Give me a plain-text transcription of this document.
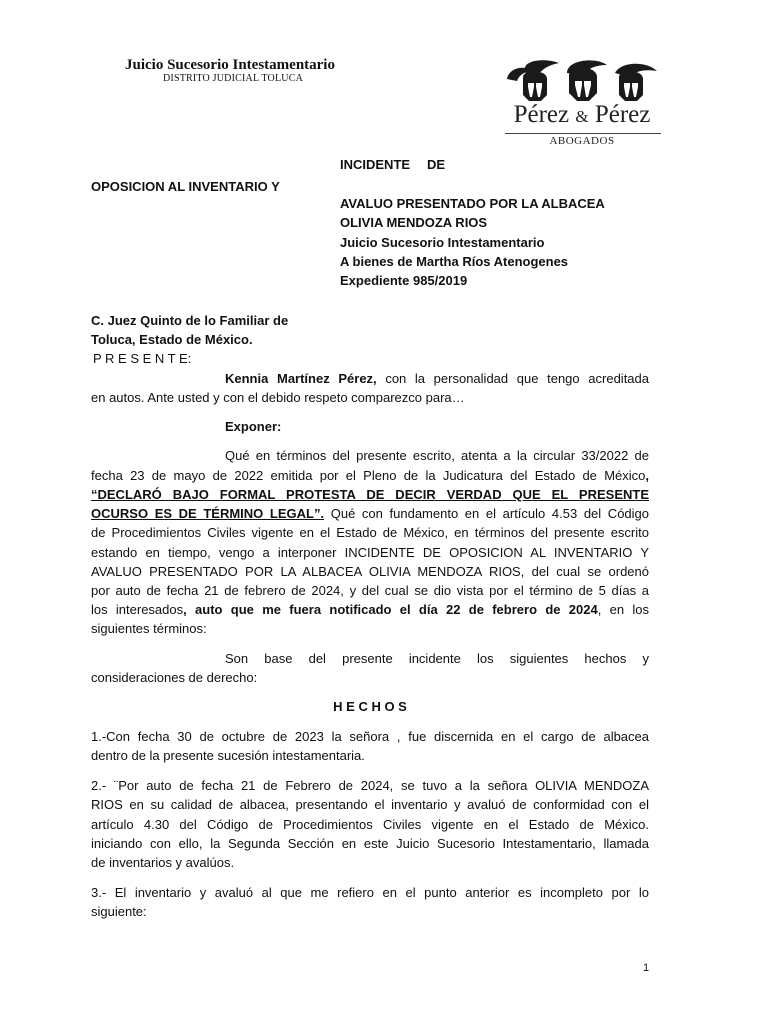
Juicio Sucesorio Intestamentario
DISTRITO JUDICIAL TOLUCA
Pérez & Pérez
ABOGADOS
INCIDENTE DE
OPOSICION AL INVENTARIO Y
AVALUO PRESENTADO POR LA ALBACEA
OLIVIA MENDOZA RIOS
Juicio Sucesorio Intestamentario
A bienes de Martha Ríos Atenogenes
Expediente 985/2019
C. Juez Quinto de lo Familiar de
Toluca, Estado de México.
P R E S E N T E:
Kennia Martínez Pérez, con la personalidad que tengo acreditada
en autos. Ante usted y con el debido respeto comparezco para…
Exponer:
Qué en términos del presente escrito, atenta a la circular 33/2022 de
fecha 23 de mayo de 2022 emitida por el Pleno de la Judicatura del Estado de México,
“DECLARÓ BAJO FORMAL PROTESTA DE DECIR VERDAD QUE EL PRESENTE
OCURSO ES DE TÉRMINO LEGAL”. Qué con fundamento en el artículo 4.53 del Código
de Procedimientos Civiles vigente en el Estado de México, en términos del presente escrito
estando en tiempo, vengo a interponer INCIDENTE DE OPOSICION AL INVENTARIO Y
AVALUO PRESENTADO POR LA ALBACEA OLIVIA MENDOZA RIOS, del cual se ordenó
por auto de fecha 21 de febrero de 2024, y del cual se dio vista por el término de 5 días a
los interesados, auto que me fuera notificado el día 22 de febrero de 2024, en los
siguientes términos:
Son base del presente incidente los siguientes hechos y
consideraciones de derecho:
H E C H O S
1.-Con fecha 30 de octubre de 2023 la señora , fue discernida en el cargo de albacea
dentro de la presente sucesión intestamentaria.
2.- ¨Por auto de fecha 21 de Febrero de 2024, se tuvo a la señora OLIVIA MENDOZA
RIOS en su calidad de albacea, presentando el inventario y avaluó de conformidad con el
artículo 4.30 del Código de Procedimientos Civiles vigente en el Estado de México.
iniciando con ello, la Segunda Sección en este Juicio Sucesorio Intestamentario, llamada
de inventarios y avalúos.
3.- El inventario y avaluó al que me refiero en el punto anterior es incompleto por lo
siguiente:
1
